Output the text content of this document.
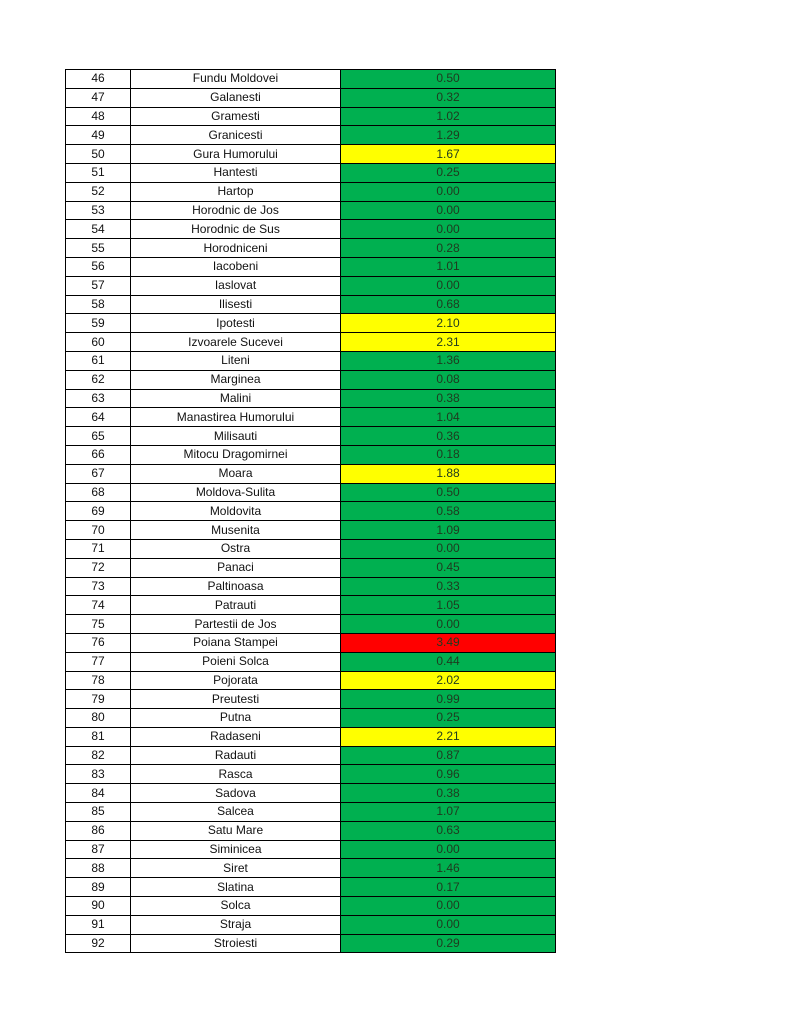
46	Fundu Moldovei	0.50
47	Galanesti	0.32
48	Gramesti	1.02
49	Granicesti	1.29
50	Gura Humorului	1.67
51	Hantesti	0.25
52	Hartop	0.00
53	Horodnic de Jos	0.00
54	Horodnic de Sus	0.00
55	Horodniceni	0.28
56	Iacobeni	1.01
57	Iaslovat	0.00
58	Ilisesti	0.68
59	Ipotesti	2.10
60	Izvoarele Sucevei	2.31
61	Liteni	1.36
62	Marginea	0.08
63	Malini	0.38
64	Manastirea Humorului	1.04
65	Milisauti	0.36
66	Mitocu Dragomirnei	0.18
67	Moara	1.88
68	Moldova-Sulita	0.50
69	Moldovita	0.58
70	Musenita	1.09
71	Ostra	0.00
72	Panaci	0.45
73	Paltinoasa	0.33
74	Patrauti	1.05
75	Partestii de Jos	0.00
76	Poiana Stampei	3.49
77	Poieni Solca	0.44
78	Pojorata	2.02
79	Preutesti	0.99
80	Putna	0.25
81	Radaseni	2.21
82	Radauti	0.87
83	Rasca	0.96
84	Sadova	0.38
85	Salcea	1.07
86	Satu Mare	0.63
87	Siminicea	0.00
88	Siret	1.46
89	Slatina	0.17
90	Solca	0.00
91	Straja	0.00
92	Stroiesti	0.29
